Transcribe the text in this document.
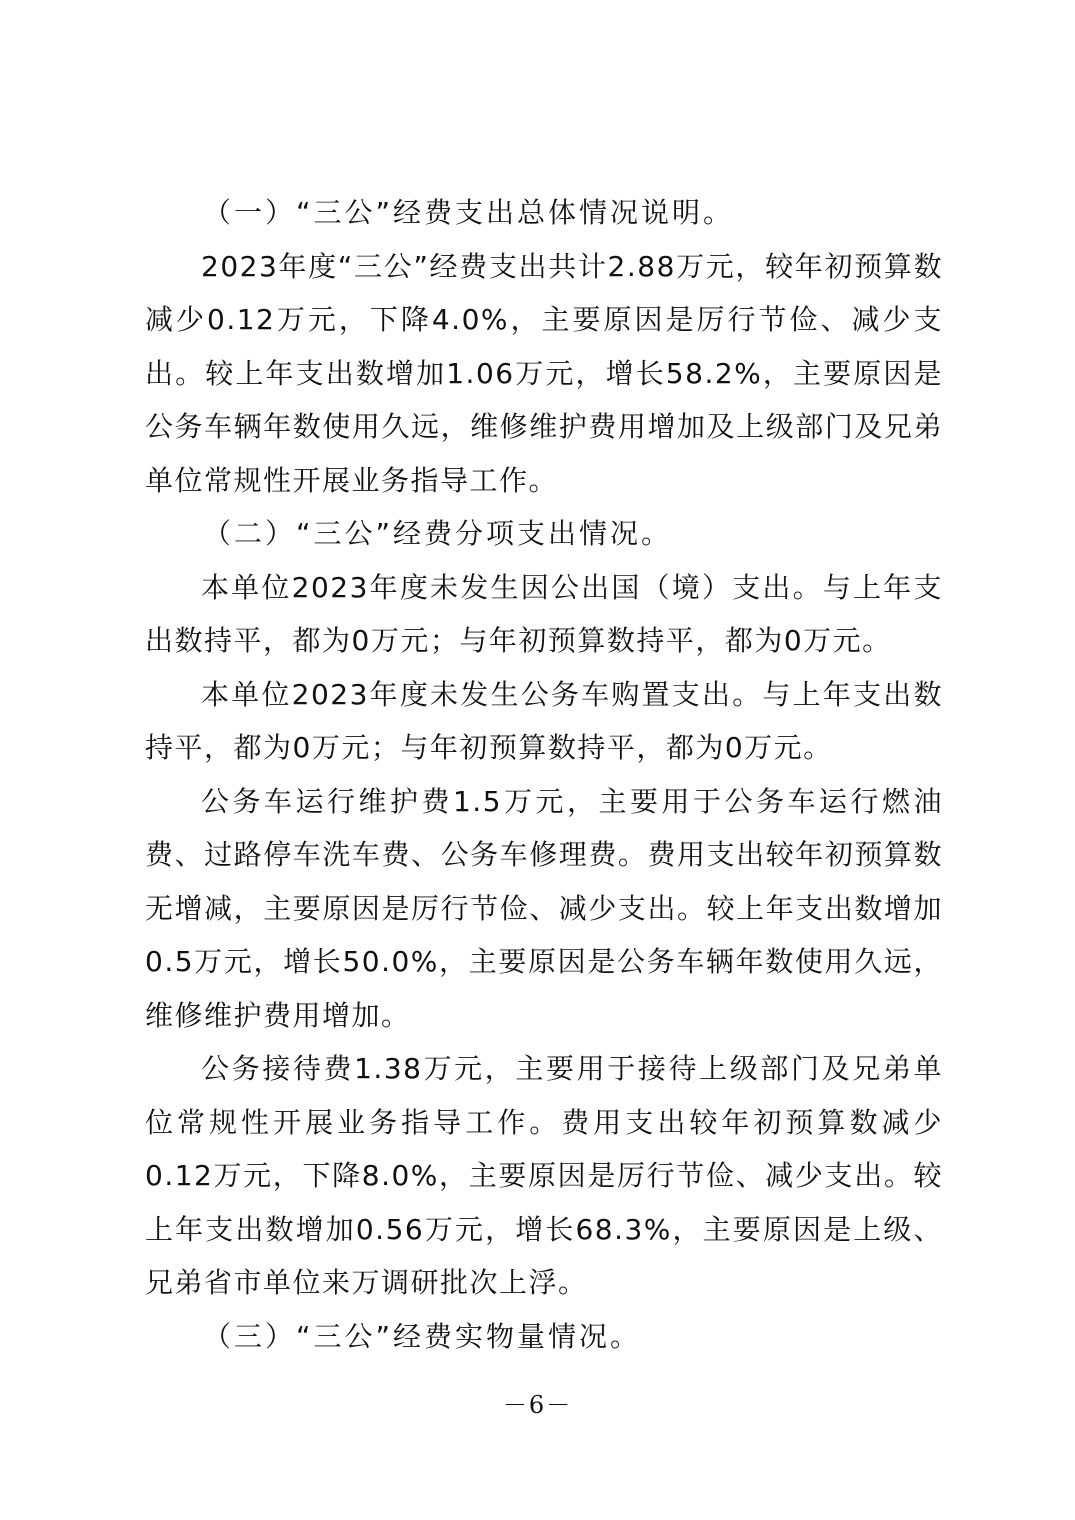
（一）“三公”经费支出总体情况说明。

2023年度“三公”经费支出共计2.88万元，较年初预算数减少0.12万元，下降4.0%，主要原因是厉行节俭、减少支出。较上年支出数增加1.06万元，增长58.2%，主要原因是公务车辆年数使用久远，维修维护费用增加及上级部门及兄弟单位常规性开展业务指导工作。

（二）“三公”经费分项支出情况。

本单位2023年度未发生因公出国（境）支出。与上年支出数持平，都为0万元；与年初预算数持平，都为0万元。

本单位2023年度未发生公务车购置支出。与上年支出数持平，都为0万元；与年初预算数持平，都为0万元。

公务车运行维护费1.5万元，主要用于公务车运行燃油费、过路停车洗车费、公务车修理费。费用支出较年初预算数无增减，主要原因是厉行节俭、减少支出。较上年支出数增加0.5万元，增长50.0%，主要原因是公务车辆年数使用久远，维修维护费用增加。

公务接待费1.38万元，主要用于接待上级部门及兄弟单位常规性开展业务指导工作。费用支出较年初预算数减少0.12万元，下降8.0%，主要原因是厉行节俭、减少支出。较上年支出数增加0.56万元，增长68.3%，主要原因是上级、兄弟省市单位来万调研批次上浮。

（三）“三公”经费实物量情况。

－6－
